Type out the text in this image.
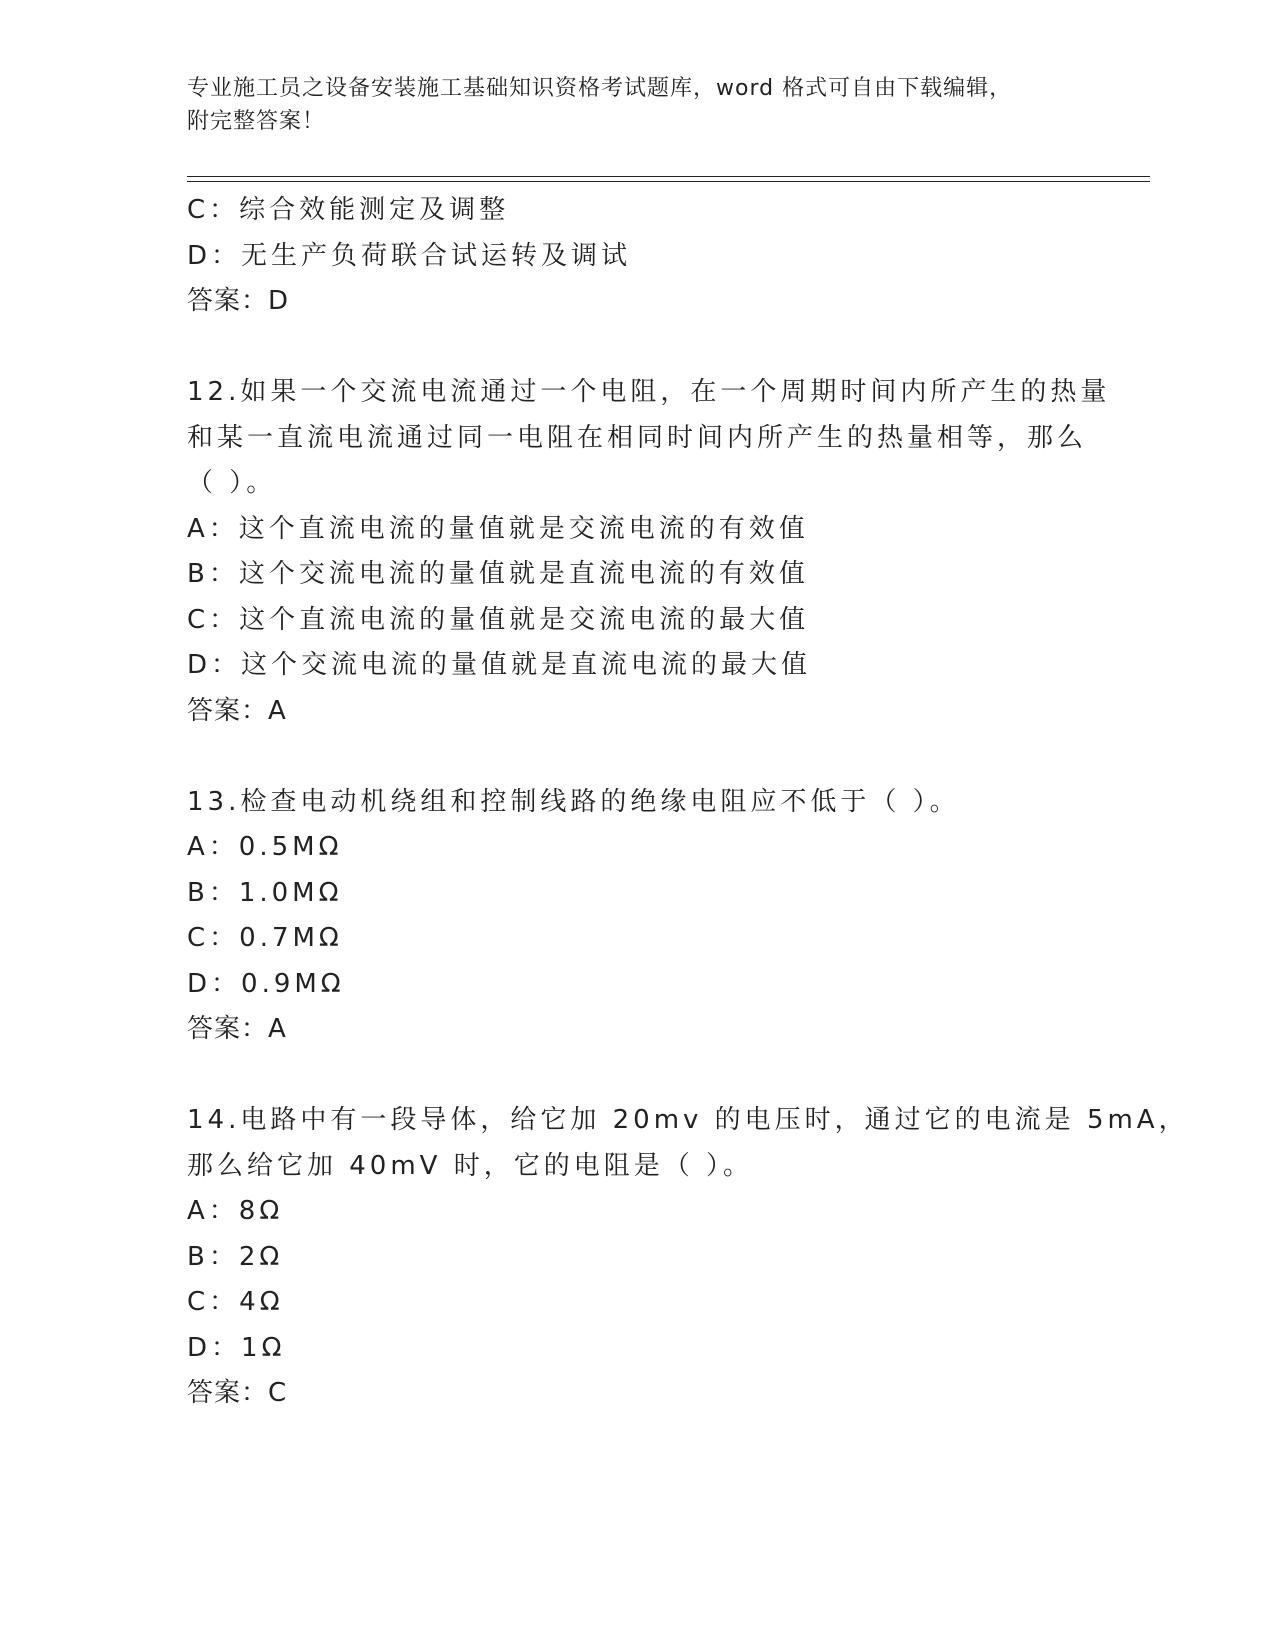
专业施工员之设备安装施工基础知识资格考试题库，word 格式可自由下载编辑，

附完整答案！

C：综合效能测定及调整
D：无生产负荷联合试运转及调试
答案：D
12.如果一个交流电流通过一个电阻，在一个周期时间内所产生的热量
和某一直流电流通过同一电阻在相同时间内所产生的热量相等，那么
（ ）。
A：这个直流电流的量值就是交流电流的有效值
B：这个交流电流的量值就是直流电流的有效值
C：这个直流电流的量值就是交流电流的最大值
D：这个交流电流的量值就是直流电流的最大值
答案：A
13.检查电动机绕组和控制线路的绝缘电阻应不低于（ ）。
A：0.5MΩ
B：1.0MΩ
C：0.7MΩ
D：0.9MΩ
答案：A
14.电路中有一段导体，给它加 20mv 的电压时，通过它的电流是 5mA，
那么给它加 40mV 时，它的电阻是（ ）。
A：8Ω
B：2Ω
C：4Ω
D：1Ω
答案：C
